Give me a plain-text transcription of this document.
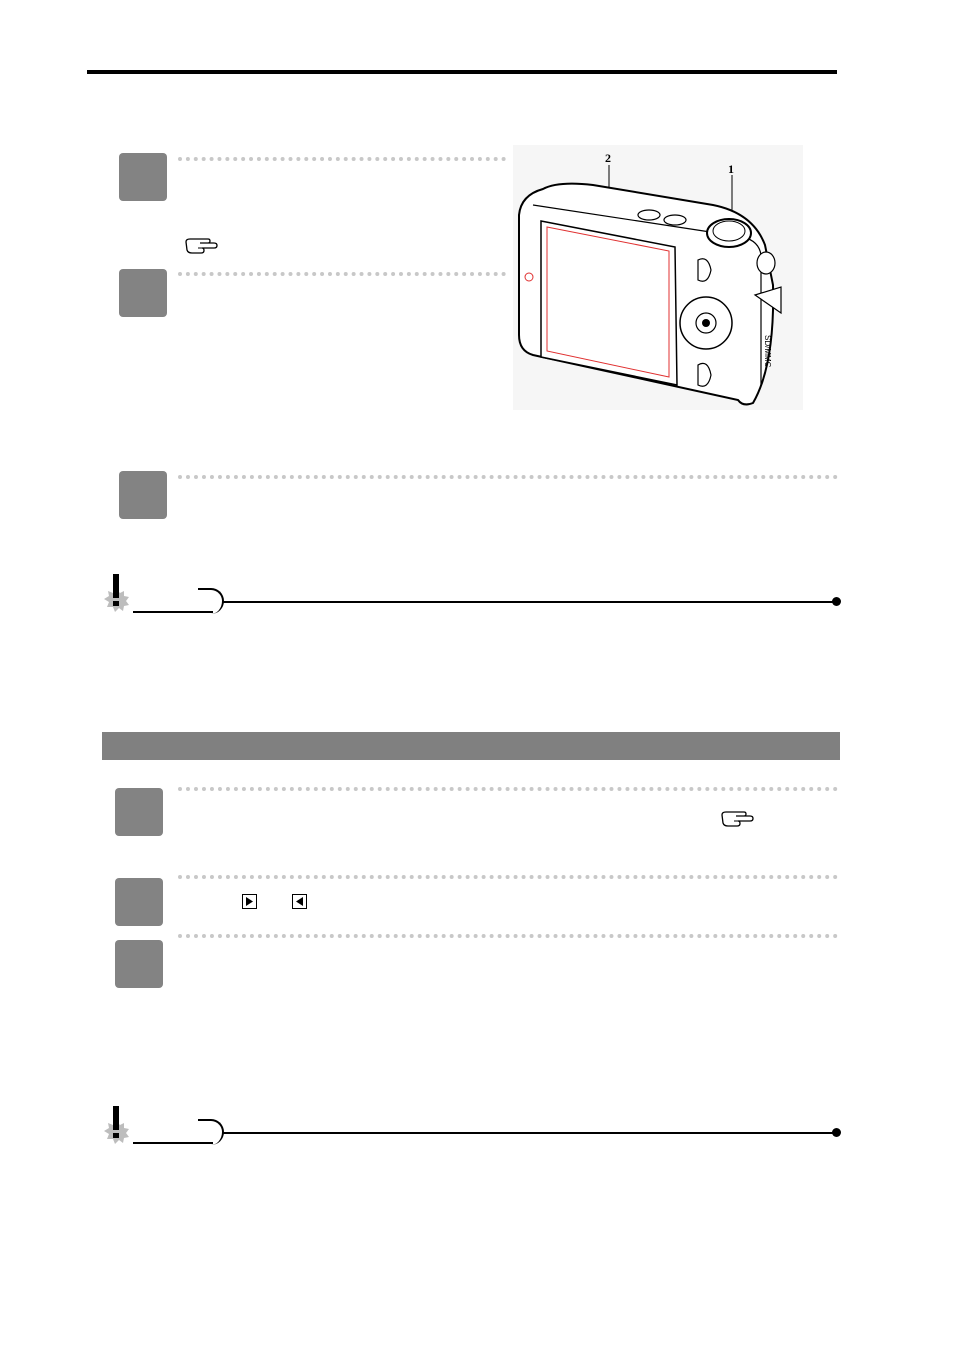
2
1
SD/MMC
